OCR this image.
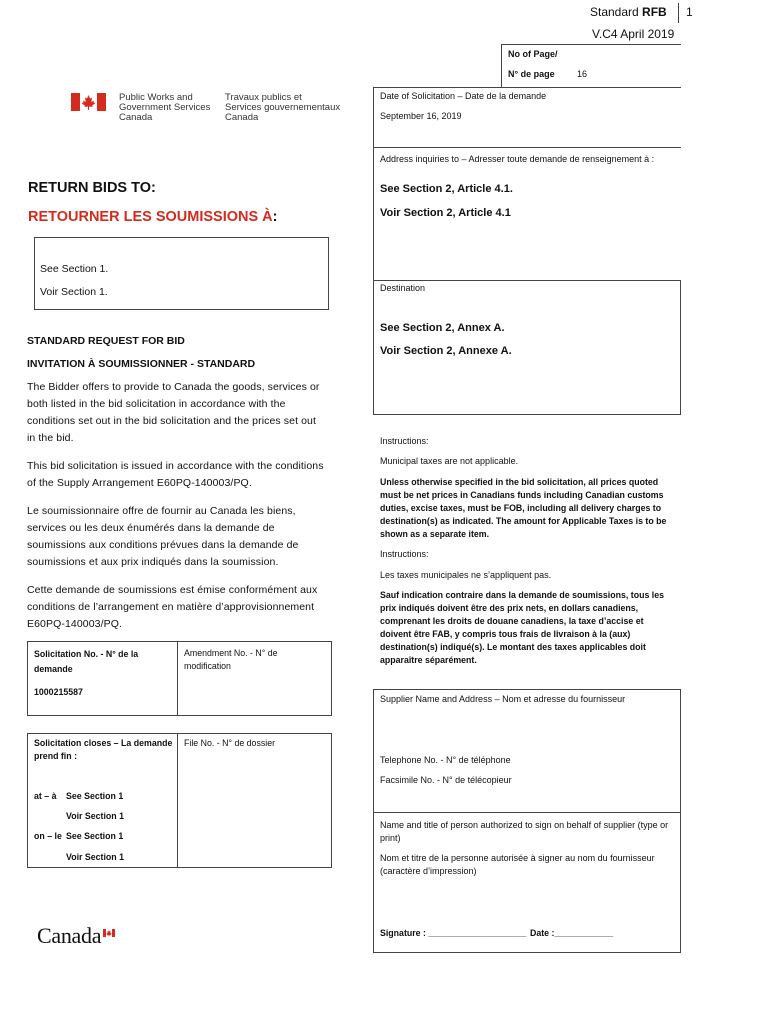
Standard RFB 1
V.C4 April 2019
No of Page/
N° de page 16
Public Works and
Government Services
Canada
Travaux publics et
Services gouvernementaux
Canada
Date of Solicitation – Date de la demande
September 16, 2019
Address inquiries to – Adresser toute demande de renseignement à :
See Section 2, Article 4.1.
Voir Section 2, Article 4.1
Destination
See Section 2, Annex A.
Voir Section 2, Annexe A.
RETURN BIDS TO:
RETOURNER LES SOUMISSIONS À:
See Section 1.
Voir Section 1.
STANDARD REQUEST FOR BID
INVITATION À SOUMISSIONNER - STANDARD
The Bidder offers to provide to Canada the goods, services or both listed in the bid solicitation in accordance with the conditions set out in the bid solicitation and the prices set out in the bid.
This bid solicitation is issued in accordance with the conditions of the Supply Arrangement E60PQ-140003/PQ.
Le soumissionnaire offre de fournir au Canada les biens, services ou les deux énumérés dans la demande de soumissions aux conditions prévues dans la demande de soumissions et aux prix indiqués dans la soumission.
Cette demande de soumissions est émise conformément aux conditions de l’arrangement en matière d’approvisionnement E60PQ-140003/PQ.
Instructions:
Municipal taxes are not applicable.
Unless otherwise specified in the bid solicitation, all prices quoted must be net prices in Canadians funds including Canadian customs duties, excise taxes, must be FOB, including all delivery charges to destination(s) as indicated. The amount for Applicable Taxes is to be shown as a separate item.
Instructions:
Les taxes municipales ne s’appliquent pas.
Sauf indication contraire dans la demande de soumissions, tous les prix indiqués doivent être des prix nets, en dollars canadiens, comprenant les droits de douane canadiens, la taxe d’accise et doivent être FAB, y compris tous frais de livraison à la (aux) destination(s) indiqué(s). Le montant des taxes applicables doit apparaître séparément.
Solicitation No. - N° de la demande
1000215587
Amendment No. - N° de modification
Solicitation closes – La demande prend fin :
File No. - N° de dossier
at – à See Section 1
Voir Section 1
on – le See Section 1
Voir Section 1
Supplier Name and Address – Nom et adresse du fournisseur
Telephone No. - N° de téléphone
Facsimile No. - N° de télécopieur
Name and title of person authorized to sign on behalf of supplier (type or print)
Nom et titre de la personne autorisée à signer au nom du fournisseur (caractère d’impression)
Signature : ____________________ Date :____________
Canada
